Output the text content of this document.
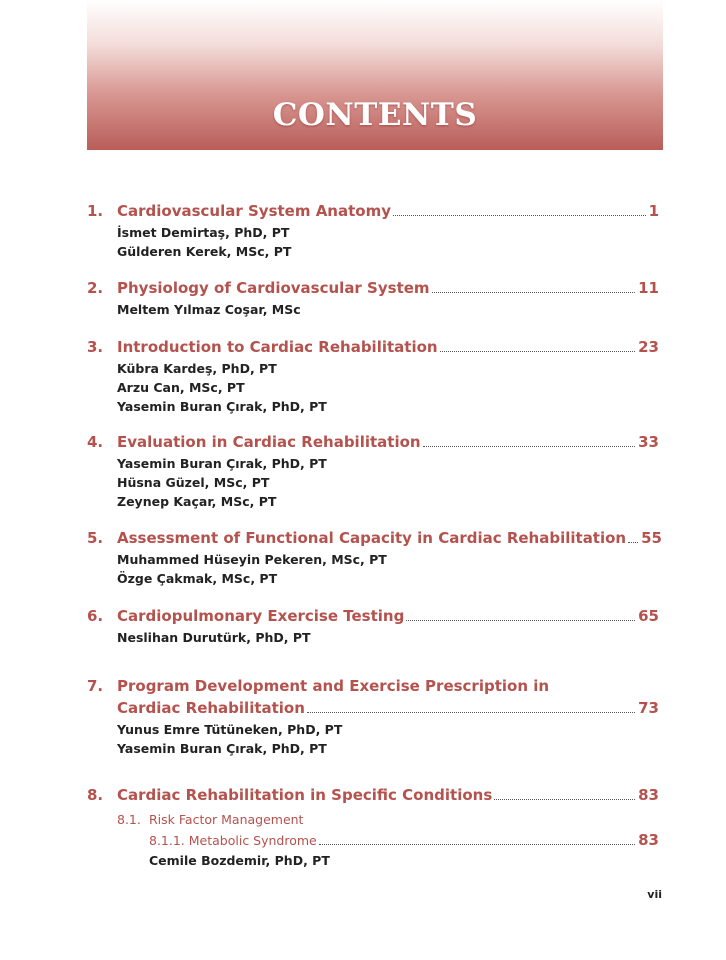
CONTENTS
1. Cardiovascular System Anatomy	1
İsmet Demirtaş, PhD, PT
Gülderen Kerek, MSc, PT
2. Physiology of Cardiovascular System	11
Meltem Yılmaz Coşar, MSc
3. Introduction to Cardiac Rehabilitation	23
Kübra Kardeş, PhD, PT
Arzu Can, MSc, PT
Yasemin Buran Çırak, PhD, PT
4. Evaluation in Cardiac Rehabilitation	33
Yasemin Buran Çırak, PhD, PT
Hüsna Güzel, MSc, PT
Zeynep Kaçar, MSc, PT
5. Assessment of Functional Capacity in Cardiac Rehabilitation 55
Muhammed Hüseyin Pekeren, MSc, PT
Özge Çakmak, MSc, PT
6. Cardiopulmonary Exercise Testing	65
Neslihan Durutürk, PhD, PT
7. Program Development and Exercise Prescription in
Cardiac Rehabilitation	73
Yunus Emre Tütüneken, PhD, PT
Yasemin Buran Çırak, PhD, PT
8. Cardiac Rehabilitation in Specific Conditions	83
8.1. Risk Factor Management
8.1.1. Metabolic Syndrome	83
Cemile Bozdemir, PhD, PT
vii
